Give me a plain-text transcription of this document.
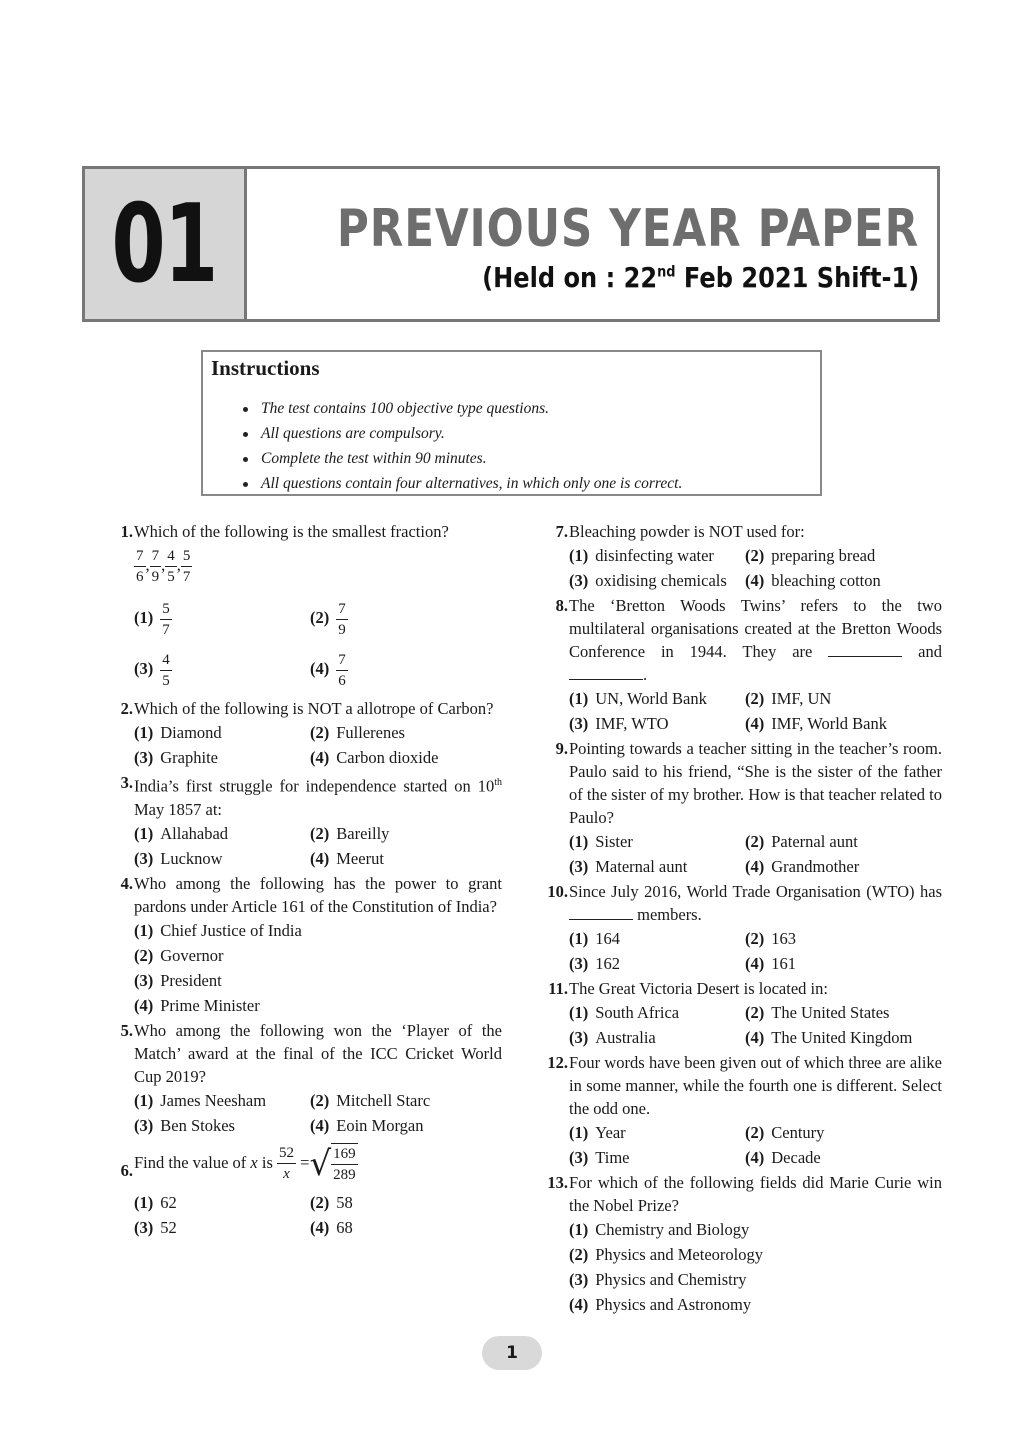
01 PREVIOUS YEAR PAPER
(Held on : 22nd Feb 2021 Shift-1)
Instructions
The test contains 100 objective type questions.
All questions are compulsory.
Complete the test within 90 minutes.
All questions contain four alternatives, in which only one is correct.
1. Which of the following is the smallest fraction?
$\frac{7}{6}$ , $\frac{7}{9}$ , $\frac{4}{5}$ , $\frac{5}{7}$
$(1) \frac{5}{7}$	$(2) \frac{7}{9}$
$(3) \frac{4}{5}$	$(4) \frac{7}{6}$
2. Which of the following is NOT a allotrope of Carbon?
(1) Diamond	(2) Fullerenes
(3) Graphite	(4) Carbon dioxide
3. India’s first struggle for independence started on 10th May 1857 at:
(1) Allahabad	(2) Bareilly
(3) Lucknow	(4) Meerut
4. Who among the following has the power to grant pardons under Article 161 of the Constitution of India?
(1) Chief Justice of India
(2) Governor
(3) President
(4) Prime Minister
5. Who among the following won the ‘Player of the Match’ award at the final of the ICC Cricket World Cup 2019?
(1) James Neesham	(2) Mitchell Starc
(3) Ben Stokes	(4) Eoin Morgan
6. Find the value of x is $\frac{52}{x}$ = √ $\frac{169}{289}$
(1) 62	(2) 58
(3) 52	(4) 68
7. Bleaching powder is NOT used for:
(1) disinfecting water	(2) preparing bread
(3) oxidising chemicals	(4) bleaching cotton
8. The ‘Bretton Woods Twins’ refers to the two multilateral organisations created at the Bretton Woods Conference in 1944. They are	and .
(1) UN, World Bank	(2) IMF, UN
(3) IMF, WTO	(4) IMF, World Bank
9. Pointing towards a teacher sitting in the teacher’s room. Paulo said to his friend, “She is the sister of the father of the sister of my brother. How is that teacher related to Paulo?
(1) Sister	(2) Paternal aunt
(3) Maternal aunt	(4) Grandmother
10. Since July 2016, World Trade Organisation (WTO) has  members.
(1) 164	(2) 163
(3) 162	(4) 161
11. The Great Victoria Desert is located in:
(1) South Africa	(2) The United States
(3) Australia	(4) The United Kingdom
12. Four words have been given out of which three are alike in some manner, while the fourth one is different. Select the odd one.
(1) Year	(2) Century
(3) Time	(4) Decade
13. For which of the following fields did Marie Curie win the Nobel Prize?
(1) Chemistry and Biology
(2) Physics and Meteorology
(3) Physics and Chemistry
(4) Physics and Astronomy
1
